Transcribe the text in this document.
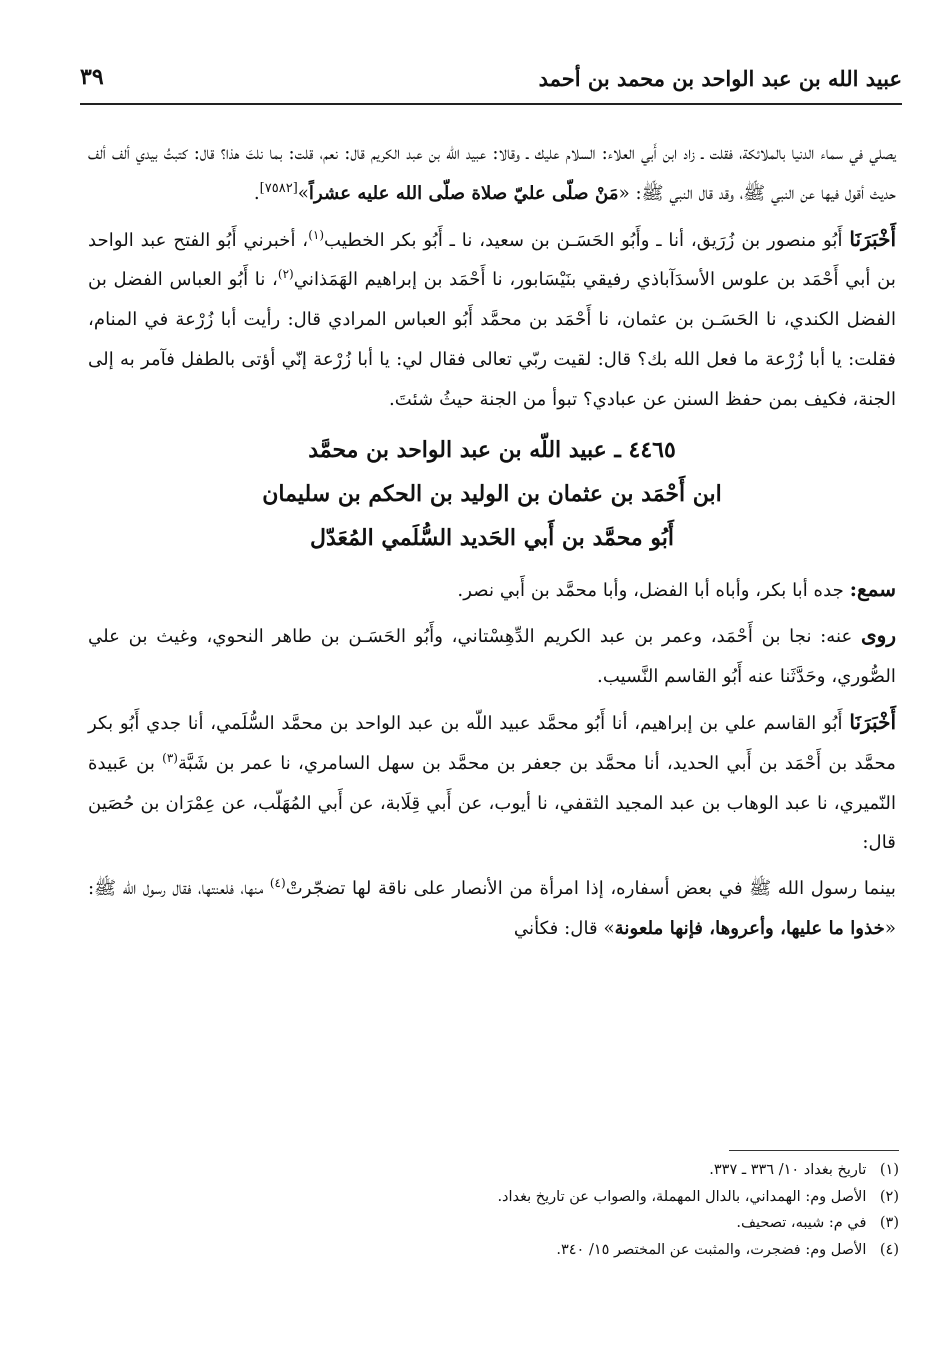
عبيد الله بن عبد الواحد بن محمد بن أحمد
٣٩

يصلي في سماء الدنيا بالملائكة، فقلت ـ زاد ابن أَبي العلاء: السلام عليك ـ وقالا: عبيد اللّه بن عبد الكريم قال: نعم، قلت: بما نلتَ هذا؟ قال: كتبتُ بيدي ألف ألف حديث أقول فيها عن النبي ﷺ، وقد قال النبي ﷺ: «مَنْ صلّى عليّ صلاة صلّى الله عليه عشراً»[٧٥٨٢].

أَخْبَرَنَا أَبُو منصور بن زُرَيق، أنا ـ وأَبُو الحَسَـن بن سعيد، نا ـ أَبُو بكر الخطيب$^{(١)}$، أخبرني أَبُو الفتح عبد الواحد بن أبي أَحْمَد بن علوس الأسدَآباذي رفيقي بنَيْسَابور، نا أَحْمَد بن إبراهيم الهَمَذاني$^{(٢)}$، نا أَبُو العباس الفضل بن الفضل الكندي، نا الحَسَـن بن عثمان، نا أَحْمَد بن محمَّد أَبُو العباس المرادي قال: رأيت أبا زُرْعة في المنام، فقلت: يا أبا زُرْعة ما فعل الله بك؟ قال: لقيت ربّي تعالى فقال لي: يا أبا زُرْعة إنّي أؤتى بالطفل فآمر به إلى الجنة، فكيف بمن حفظ السنن عن عبادي؟ تبوأ من الجنة حيثُ شئتَ.

٤٤٦٥ ـ عبيد اللّه بن عبد الواحد بن محمَّد
ابن أَحْمَد بن عثمان بن الوليد بن الحكم بن سليمان
أَبُو محمَّد بن أَبي الحَديد السُّلَمي المُعَدّل

سمع: جده أبا بكر، وأباه أبا الفضل، وأبا محمَّد بن أَبي نصر.

روى عنه: نجا بن أَحْمَد، وعمر بن عبد الكريم الدِّهِسْتاني، وأَبُو الحَسَـن بن طاهر النحوي، وغيث بن علي الصُّوري، وحَدَّثَنا عنه أَبُو القاسم النَّسيب.

أَخْبَرَنَا أَبُو القاسم علي بن إبراهيم، أنا أَبُو محمَّد عبيد اللّه بن عبد الواحد بن محمَّد السُّلَمي، أنا جدي أَبُو بكر محمَّد بن أَحْمَد بن أَبي الحديد، أنا محمَّد بن جعفر بن محمَّد بن سهل السامري، نا عمر بن شَبَّة$^{(٣)}$ بن عَبيدة النّميري، نا عبد الوهاب بن عبد المجيد الثقفي، نا أيوب، عن أَبي قِلَابة، عن أَبي المُهَلّب، عن عِمْرَان بن حُصَين قال:

بينما رسول الله ﷺ في بعض أسفاره، إذا امرأة من الأنصار على ناقة لها تضجّرتْ$^{(٤)}$ منها، فلعنتها، فقال رسول الله ﷺ: «خذوا ما عليها، وأعروها، فإنها ملعونة» قال: فكأني

(١) تاريخ بغداد ١٠/ ٣٣٦ ـ ٣٣٧.
(٢) الأصل وم: الهمداني، بالدال المهملة، والصواب عن تاريخ بغداد.
(٣) في م: شيبه، تصحيف.
(٤) الأصل وم: فضجرت، والمثبت عن المختصر ١٥/ ٣٤٠.
